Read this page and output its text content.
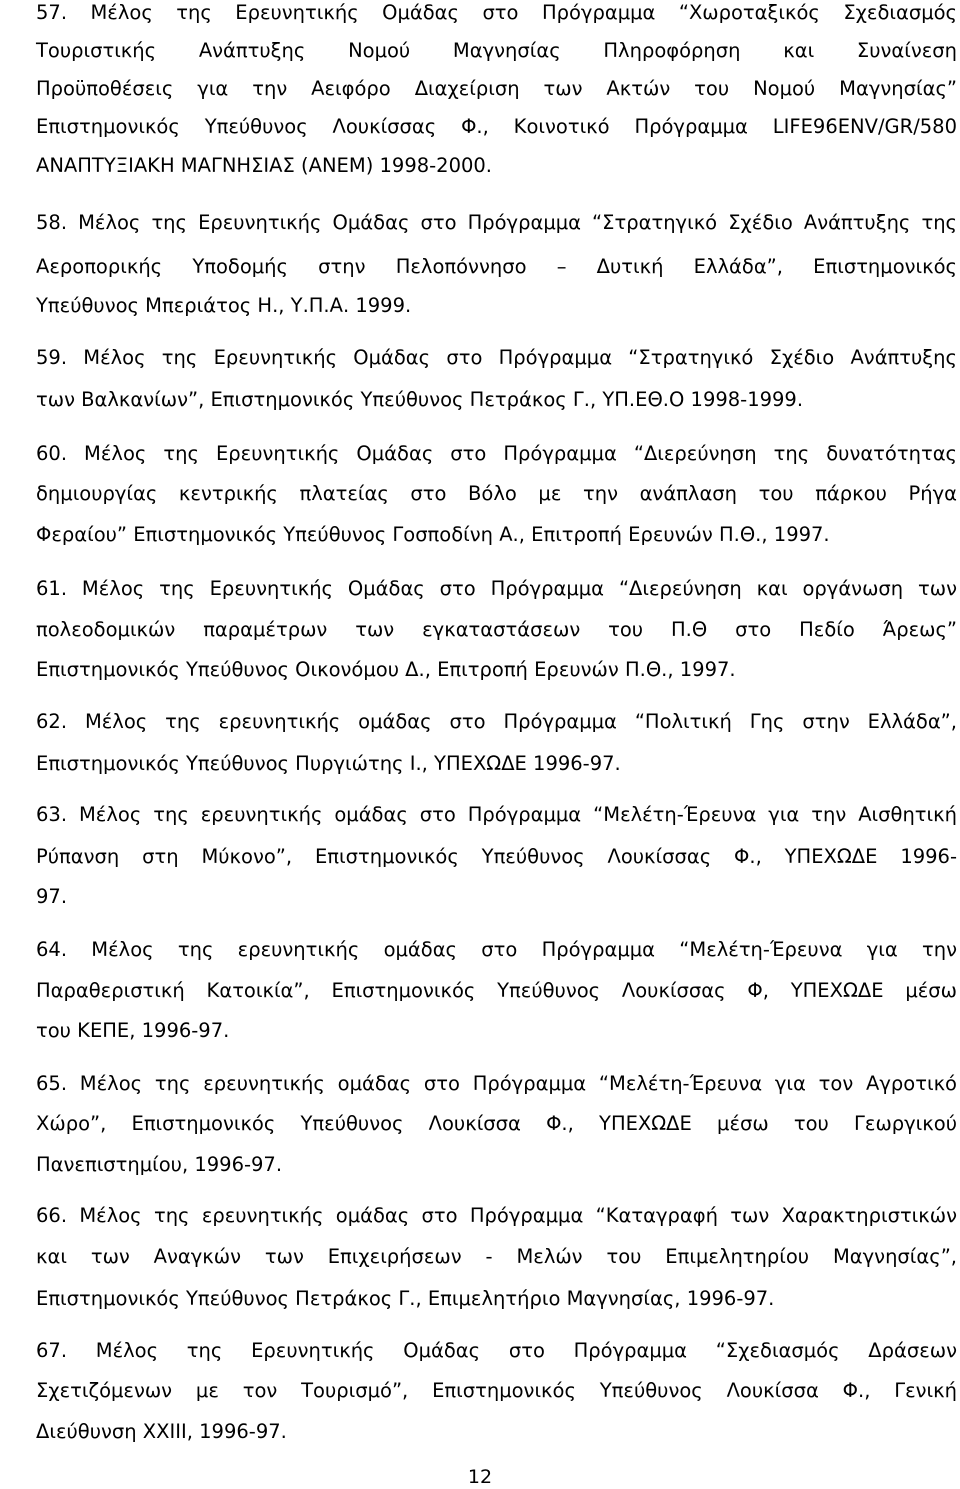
57. Μέλος της Ερευνητικής Ομάδας στο Πρόγραμμα “Χωροταξικός Σχεδιασμός
Τουριστικής Ανάπτυξης Νομού Μαγνησίας Πληροφόρηση και Συναίνεση
Προϋποθέσεις για την Αειφόρο Διαχείριση των Ακτών του Νομού Μαγνησίας”
Επιστημονικός Υπεύθυνος Λουκίσσας Φ., Κοινοτικό Πρόγραμμα LIFE96ENV/GR/580
ΑΝΑΠΤΥΞΙΑΚΗ ΜΑΓΝΗΣΙΑΣ (ΑΝΕΜ) 1998-2000.
58. Μέλος της Ερευνητικής Ομάδας στο Πρόγραμμα “Στρατηγικό Σχέδιο Ανάπτυξης της
Αεροπορικής Υποδομής στην Πελοπόννησο – Δυτική Ελλάδα”, Επιστημονικός
Υπεύθυνος Μπεριάτος Η., Υ.Π.Α. 1999.
59. Μέλος της Ερευνητικής Ομάδας στο Πρόγραμμα “Στρατηγικό Σχέδιο Ανάπτυξης
των Βαλκανίων”, Επιστημονικός Υπεύθυνος Πετράκος Γ., ΥΠ.ΕΘ.Ο 1998-1999.
60. Μέλος της Ερευνητικής Ομάδας στο Πρόγραμμα “Διερεύνηση της δυνατότητας
δημιουργίας κεντρικής πλατείας στο Βόλο με την ανάπλαση του πάρκου Ρήγα
Φεραίου” Επιστημονικός Υπεύθυνος Γοσποδίνη Α., Επιτροπή Ερευνών Π.Θ., 1997.
61. Μέλος της Ερευνητικής Ομάδας στο Πρόγραμμα “Διερεύνηση και οργάνωση των
πολεοδομικών παραμέτρων των εγκαταστάσεων του Π.Θ στο Πεδίο Άρεως”
Επιστημονικός Υπεύθυνος Οικονόμου Δ., Επιτροπή Ερευνών Π.Θ., 1997.
62. Μέλος της ερευνητικής ομάδας στο Πρόγραμμα “Πολιτική Γης στην Ελλάδα”,
Επιστημονικός Υπεύθυνος Πυργιώτης Ι., ΥΠΕΧΩΔΕ 1996-97.
63. Μέλος της ερευνητικής ομάδας στο Πρόγραμμα “Μελέτη-Έρευνα για την Αισθητική
Ρύπανση στη Μύκονο”, Επιστημονικός Υπεύθυνος Λουκίσσας Φ., ΥΠΕΧΩΔΕ 1996-
97.
64. Μέλος της ερευνητικής ομάδας στο Πρόγραμμα “Μελέτη-Έρευνα για την
Παραθεριστική Κατοικία”, Επιστημονικός Υπεύθυνος Λουκίσσας Φ, ΥΠΕΧΩΔΕ μέσω
του ΚΕΠΕ, 1996-97.
65. Μέλος της ερευνητικής ομάδας στο Πρόγραμμα “Μελέτη-Έρευνα για τον Αγροτικό
Χώρο”, Επιστημονικός Υπεύθυνος Λουκίσσα Φ., ΥΠΕΧΩΔΕ μέσω του Γεωργικού
Πανεπιστημίου, 1996-97.
66. Μέλος της ερευνητικής ομάδας στο Πρόγραμμα “Καταγραφή των Χαρακτηριστικών
και των Αναγκών των Επιχειρήσεων - Μελών του Επιμελητηρίου Μαγνησίας”,
Επιστημονικός Υπεύθυνος Πετράκος Γ., Επιμελητήριο Μαγνησίας, 1996-97.
67. Μέλος της Ερευνητικής Ομάδας στο Πρόγραμμα “Σχεδιασμός Δράσεων
Σχετιζόμενων με τον Τουρισμό”, Επιστημονικός Υπεύθυνος Λουκίσσα Φ., Γενική
Διεύθυνση XXIII, 1996-97.
12
